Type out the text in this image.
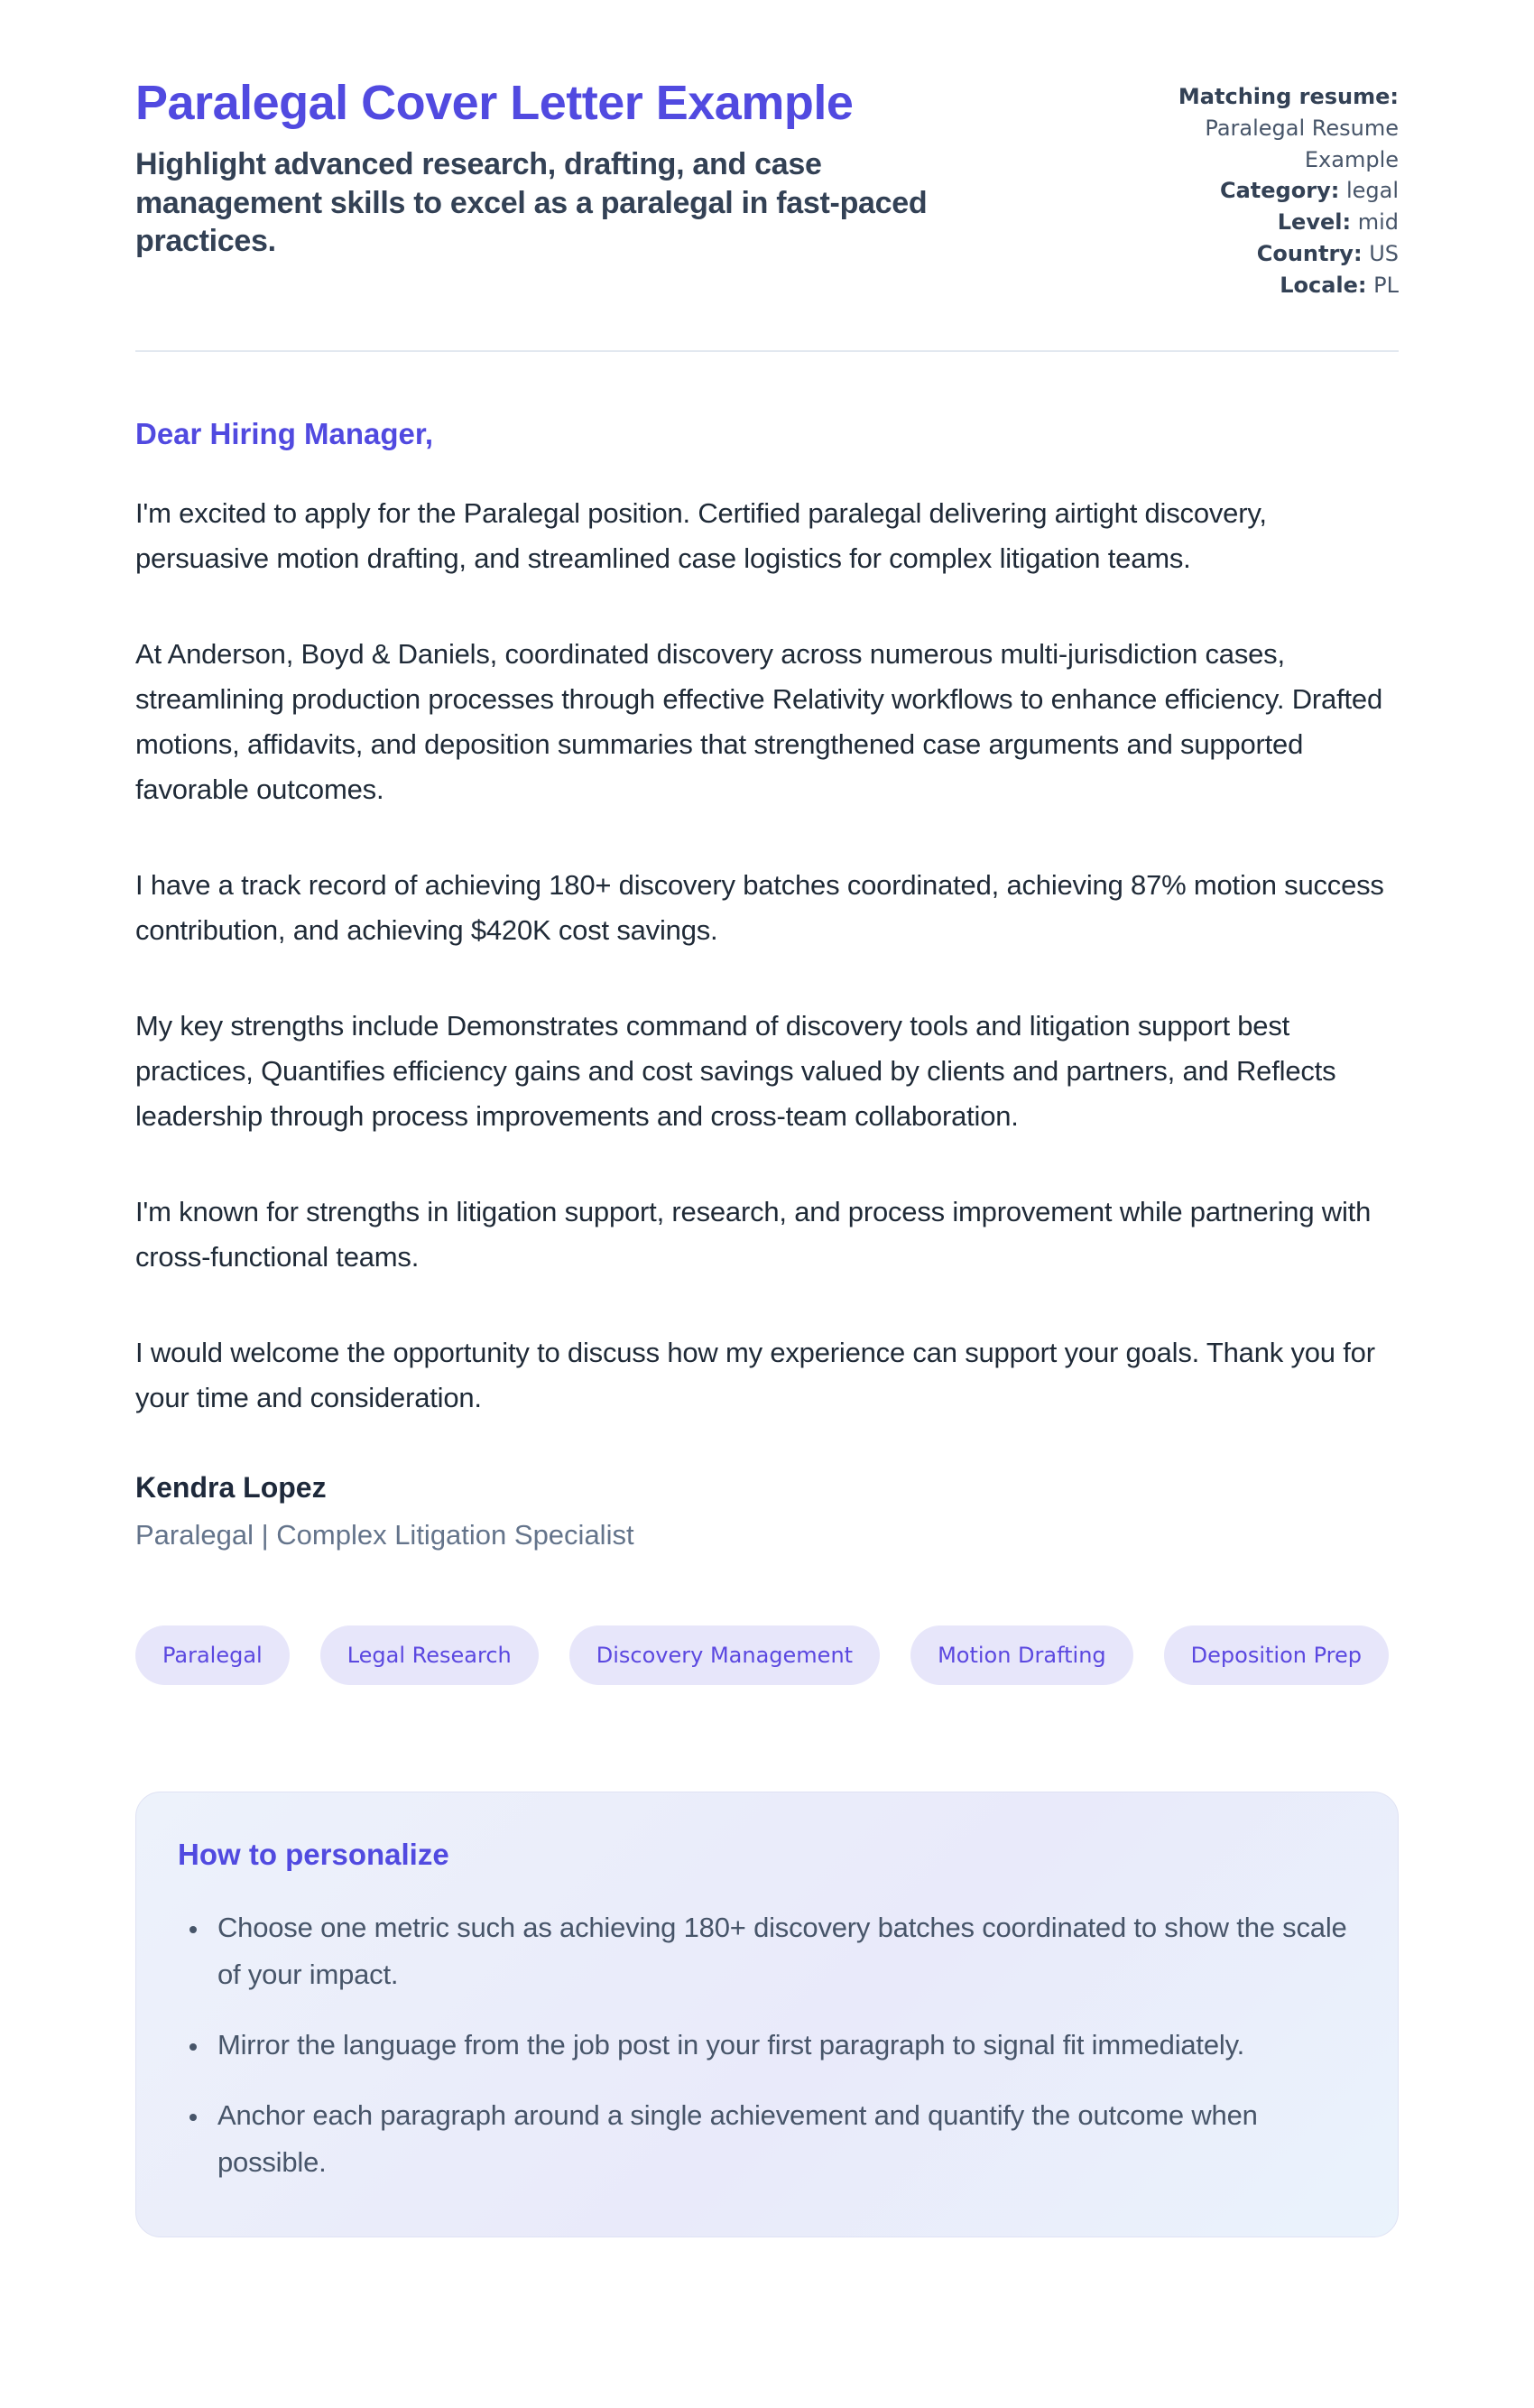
Paralegal Cover Letter Example
Highlight advanced research, drafting, and case management skills to excel as a paralegal in fast-paced practices.
Matching resume: Paralegal Resume Example
Category: legal
Level: mid
Country: US
Locale: PL

Dear Hiring Manager,

I'm excited to apply for the Paralegal position. Certified paralegal delivering airtight discovery, persuasive motion drafting, and streamlined case logistics for complex litigation teams.

At Anderson, Boyd & Daniels, coordinated discovery across numerous multi-jurisdiction cases, streamlining production processes through effective Relativity workflows to enhance efficiency. Drafted motions, affidavits, and deposition summaries that strengthened case arguments and supported favorable outcomes.

I have a track record of achieving 180+ discovery batches coordinated, achieving 87% motion success contribution, and achieving $420K cost savings.

My key strengths include Demonstrates command of discovery tools and litigation support best practices, Quantifies efficiency gains and cost savings valued by clients and partners, and Reflects leadership through process improvements and cross-team collaboration.

I'm known for strengths in litigation support, research, and process improvement while partnering with cross-functional teams.

I would welcome the opportunity to discuss how my experience can support your goals. Thank you for your time and consideration.

Kendra Lopez

Paralegal | Complex Litigation Specialist

Paralegal	Legal Research	Discovery Management	Motion Drafting	Deposition Prep
How to personalize
• Choose one metric such as achieving 180+ discovery batches coordinated to show the scale of your impact.
• Mirror the language from the job post in your first paragraph to signal fit immediately.
• Anchor each paragraph around a single achievement and quantify the outcome when possible.
